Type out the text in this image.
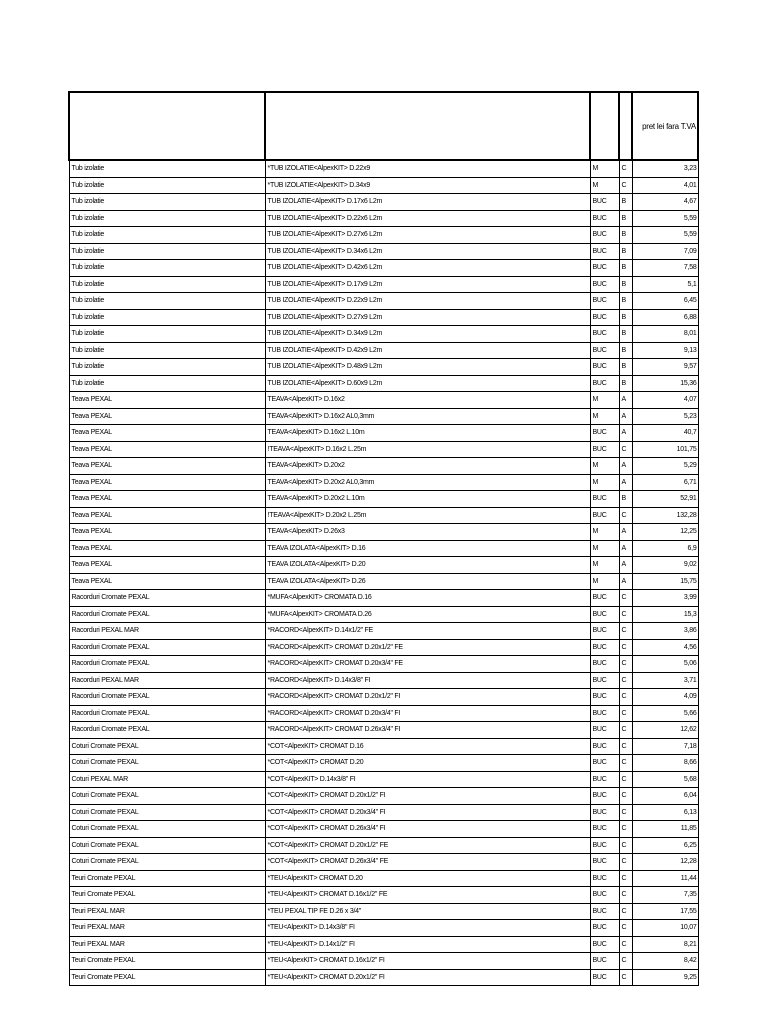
				pret lei fara T.VA
Tub izolatie	*TUB IZOLATIE<AlpexKIT> D.22x9	M	C	3,23
Tub izolatie	*TUB IZOLATIE<AlpexKIT> D.34x9	M	C	4,01
Tub izolatie	TUB IZOLATIE<AlpexKIT> D.17x6 L2m	BUC	B	4,67
Tub izolatie	TUB IZOLATIE<AlpexKIT> D.22x6 L2m	BUC	B	5,59
Tub izolatie	TUB IZOLATIE<AlpexKIT> D.27x6 L2m	BUC	B	5,59
Tub izolatie	TUB IZOLATIE<AlpexKIT> D.34x6 L2m	BUC	B	7,09
Tub izolatie	TUB IZOLATIE<AlpexKIT> D.42x6 L2m	BUC	B	7,58
Tub izolatie	TUB IZOLATIE<AlpexKIT> D.17x9 L2m	BUC	B	5,1
Tub izolatie	TUB IZOLATIE<AlpexKIT> D.22x9 L2m	BUC	B	6,45
Tub izolatie	TUB IZOLATIE<AlpexKIT> D.27x9 L2m	BUC	B	6,88
Tub izolatie	TUB IZOLATIE<AlpexKIT> D.34x9 L2m	BUC	B	8,01
Tub izolatie	TUB IZOLATIE<AlpexKIT> D.42x9 L2m	BUC	B	9,13
Tub izolatie	TUB IZOLATIE<AlpexKIT> D.48x9 L2m	BUC	B	9,57
Tub izolatie	TUB IZOLATIE<AlpexKIT> D.60x9 L2m	BUC	B	15,36
Teava PEXAL	TEAVA<AlpexKIT> D.16x2	M	A	4,07
Teava PEXAL	TEAVA<AlpexKIT> D.16x2 AL0,3mm	M	A	5,23
Teava PEXAL	TEAVA<AlpexKIT> D.16x2 L.10m	BUC	A	40,7
Teava PEXAL	!TEAVA<AlpexKIT> D.16x2 L.25m	BUC	C	101,75
Teava PEXAL	TEAVA<AlpexKIT> D.20x2	M	A	5,29
Teava PEXAL	TEAVA<AlpexKIT> D.20x2 AL0,3mm	M	A	6,71
Teava PEXAL	TEAVA<AlpexKIT> D.20x2 L.10m	BUC	B	52,91
Teava PEXAL	!TEAVA<AlpexKIT> D.20x2 L.25m	BUC	C	132,28
Teava PEXAL	TEAVA<AlpexKIT> D.26x3	M	A	12,25
Teava PEXAL	TEAVA IZOLATA<AlpexKIT> D.16	M	A	6,9
Teava PEXAL	TEAVA IZOLATA<AlpexKIT> D.20	M	A	9,02
Teava PEXAL	TEAVA IZOLATA<AlpexKIT> D.26	M	A	15,75
Racorduri Cromate PEXAL	*MUFA<AlpexKIT> CROMATA D.16	BUC	C	3,99
Racorduri Cromate PEXAL	*MUFA<AlpexKIT> CROMATA D.26	BUC	C	15,3
Racorduri PEXAL MAR	*RACORD<AlpexKIT> D.14x1/2" FE	BUC	C	3,86
Racorduri Cromate PEXAL	*RACORD<AlpexKIT> CROMAT D.20x1/2" FE	BUC	C	4,56
Racorduri Cromate PEXAL	*RACORD<AlpexKIT> CROMAT D.20x3/4" FE	BUC	C	5,06
Racorduri PEXAL MAR	*RACORD<AlpexKIT> D.14x3/8" FI	BUC	C	3,71
Racorduri Cromate PEXAL	*RACORD<AlpexKIT> CROMAT D.20x1/2" FI	BUC	C	4,09
Racorduri Cromate PEXAL	*RACORD<AlpexKIT> CROMAT D.20x3/4" FI	BUC	C	5,66
Racorduri Cromate PEXAL	*RACORD<AlpexKIT> CROMAT D.26x3/4" FI	BUC	C	12,62
Coturi Cromate PEXAL	*COT<AlpexKIT> CROMAT D.16	BUC	C	7,18
Coturi Cromate PEXAL	*COT<AlpexKIT> CROMAT D.20	BUC	C	8,66
Coturi PEXAL MAR	*COT<AlpexKIT> D.14x3/8" FI	BUC	C	5,68
Coturi Cromate PEXAL	*COT<AlpexKIT> CROMAT D.20x1/2" FI	BUC	C	6,04
Coturi Cromate PEXAL	*COT<AlpexKIT> CROMAT D.20x3/4" FI	BUC	C	6,13
Coturi Cromate PEXAL	*COT<AlpexKIT> CROMAT D.26x3/4" FI	BUC	C	11,85
Coturi Cromate PEXAL	*COT<AlpexKIT> CROMAT D.20x1/2" FE	BUC	C	6,25
Coturi Cromate PEXAL	*COT<AlpexKIT> CROMAT D.26x3/4" FE	BUC	C	12,28
Teuri Cromate PEXAL	*TEU<AlpexKIT> CROMAT D.20	BUC	C	11,44
Teuri Cromate PEXAL	*TEU<AlpexKIT> CROMAT D.16x1/2" FE	BUC	C	7,35
Teuri PEXAL MAR	*TEU PEXAL TIP FE D.26 x 3/4"	BUC	C	17,55
Teuri PEXAL MAR	*TEU<AlpexKIT> D.14x3/8" FI	BUC	C	10,07
Teuri PEXAL MAR	*TEU<AlpexKIT> D.14x1/2" FI	BUC	C	8,21
Teuri Cromate PEXAL	*TEU<AlpexKIT> CROMAT D.16x1/2" FI	BUC	C	8,42
Teuri Cromate PEXAL	*TEU<AlpexKIT> CROMAT D.20x1/2" FI	BUC	C	9,25
